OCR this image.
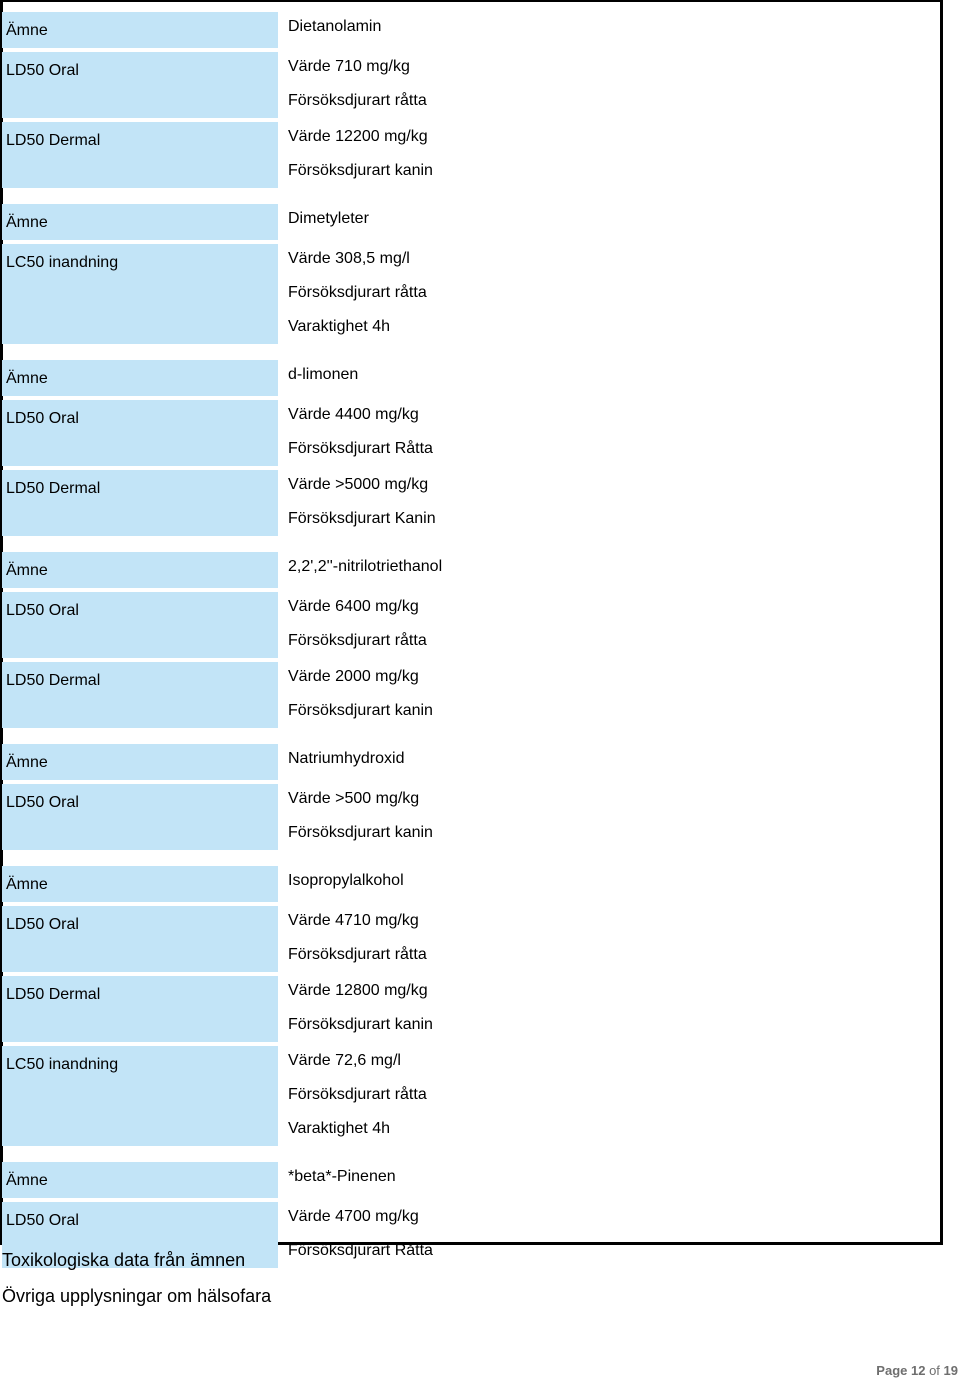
Ämne	Dietanolamin
LD50 Oral	Värde 710 mg/kg
Försöksdjurart råtta
LD50 Dermal	Värde 12200 mg/kg
Försöksdjurart kanin
Ämne	Dimetyleter
LC50 inandning	Värde 308,5 mg/l
Försöksdjurart råtta
Varaktighet 4h
Ämne	d-limonen
LD50 Oral	Värde 4400 mg/kg
Försöksdjurart Råtta
LD50 Dermal	Värde >5000 mg/kg
Försöksdjurart Kanin
Ämne	2,2',2''-nitrilotriethanol
LD50 Oral	Värde 6400 mg/kg
Försöksdjurart råtta
LD50 Dermal	Värde 2000 mg/kg
Försöksdjurart kanin
Ämne	Natriumhydroxid
LD50 Oral	Värde >500 mg/kg
Försöksdjurart kanin
Ämne	Isopropylalkohol
LD50 Oral	Värde 4710 mg/kg
Försöksdjurart råtta
LD50 Dermal	Värde 12800 mg/kg
Försöksdjurart kanin
LC50 inandning	Värde 72,6 mg/l
Försöksdjurart råtta
Varaktighet 4h
Ämne	*beta*-Pinenen
LD50 Oral	Värde 4700 mg/kg
Försöksdjurart Råtta
Toxikologiska data från ämnen
Övriga upplysningar om hälsofara
Page 12 of 19
